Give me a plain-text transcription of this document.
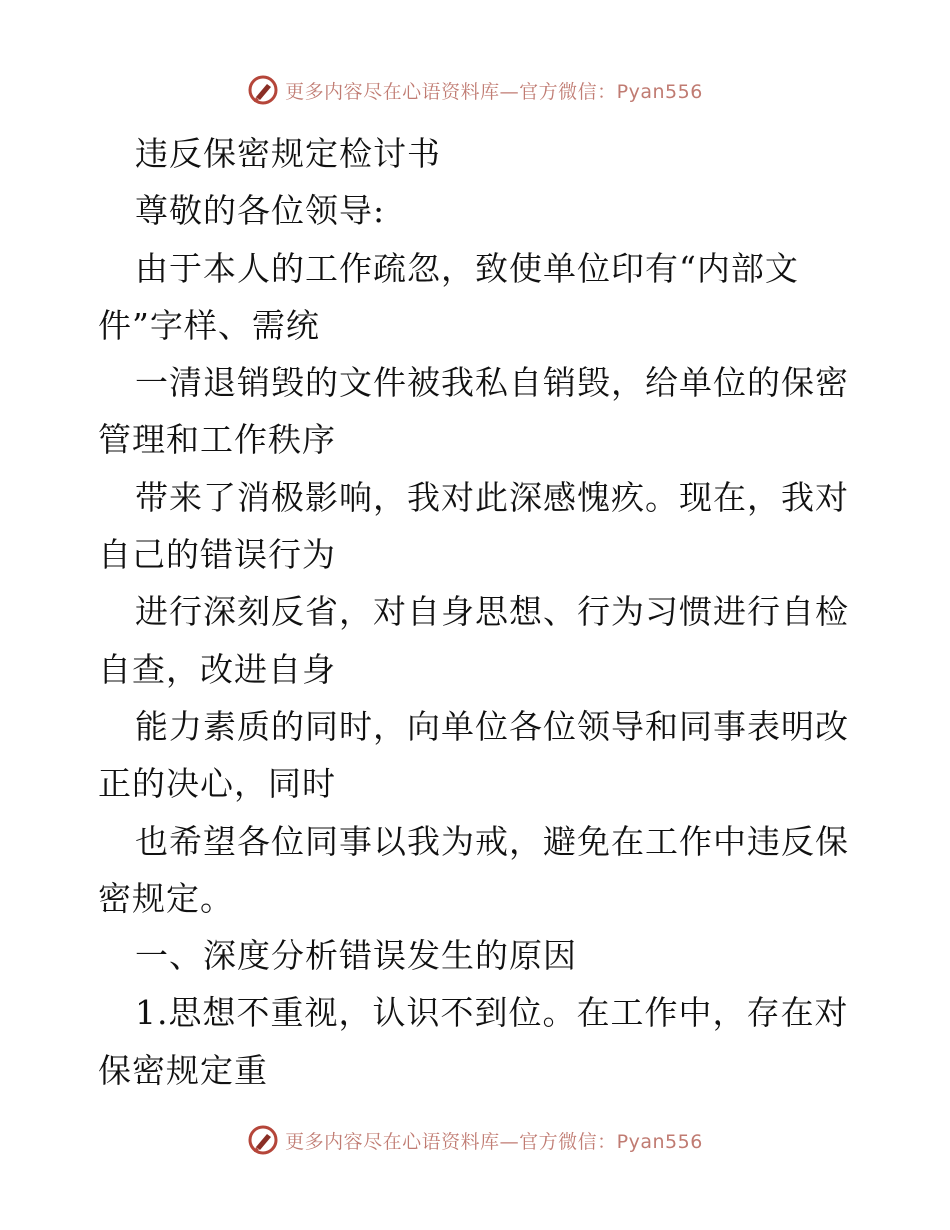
更多内容尽在心语资料库—官方微信：Pyan556
违反保密规定检讨书
尊敬的各位领导:
由于本人的工作疏忽，致使单位印有“内部文
件”字样、需统
一清退销毁的文件被我私自销毁，给单位的保密
管理和工作秩序
带来了消极影响，我对此深感愧疚。现在，我对
自己的错误行为
进行深刻反省，对自身思想、行为习惯进行自检
自查，改进自身
能力素质的同时，向单位各位领导和同事表明改
正的决心，同时
也希望各位同事以我为戒，避免在工作中违反保
密规定。
一、深度分析错误发生的原因
1.思想不重视，认识不到位。在工作中，存在对
保密规定重
更多内容尽在心语资料库—官方微信：Pyan556
